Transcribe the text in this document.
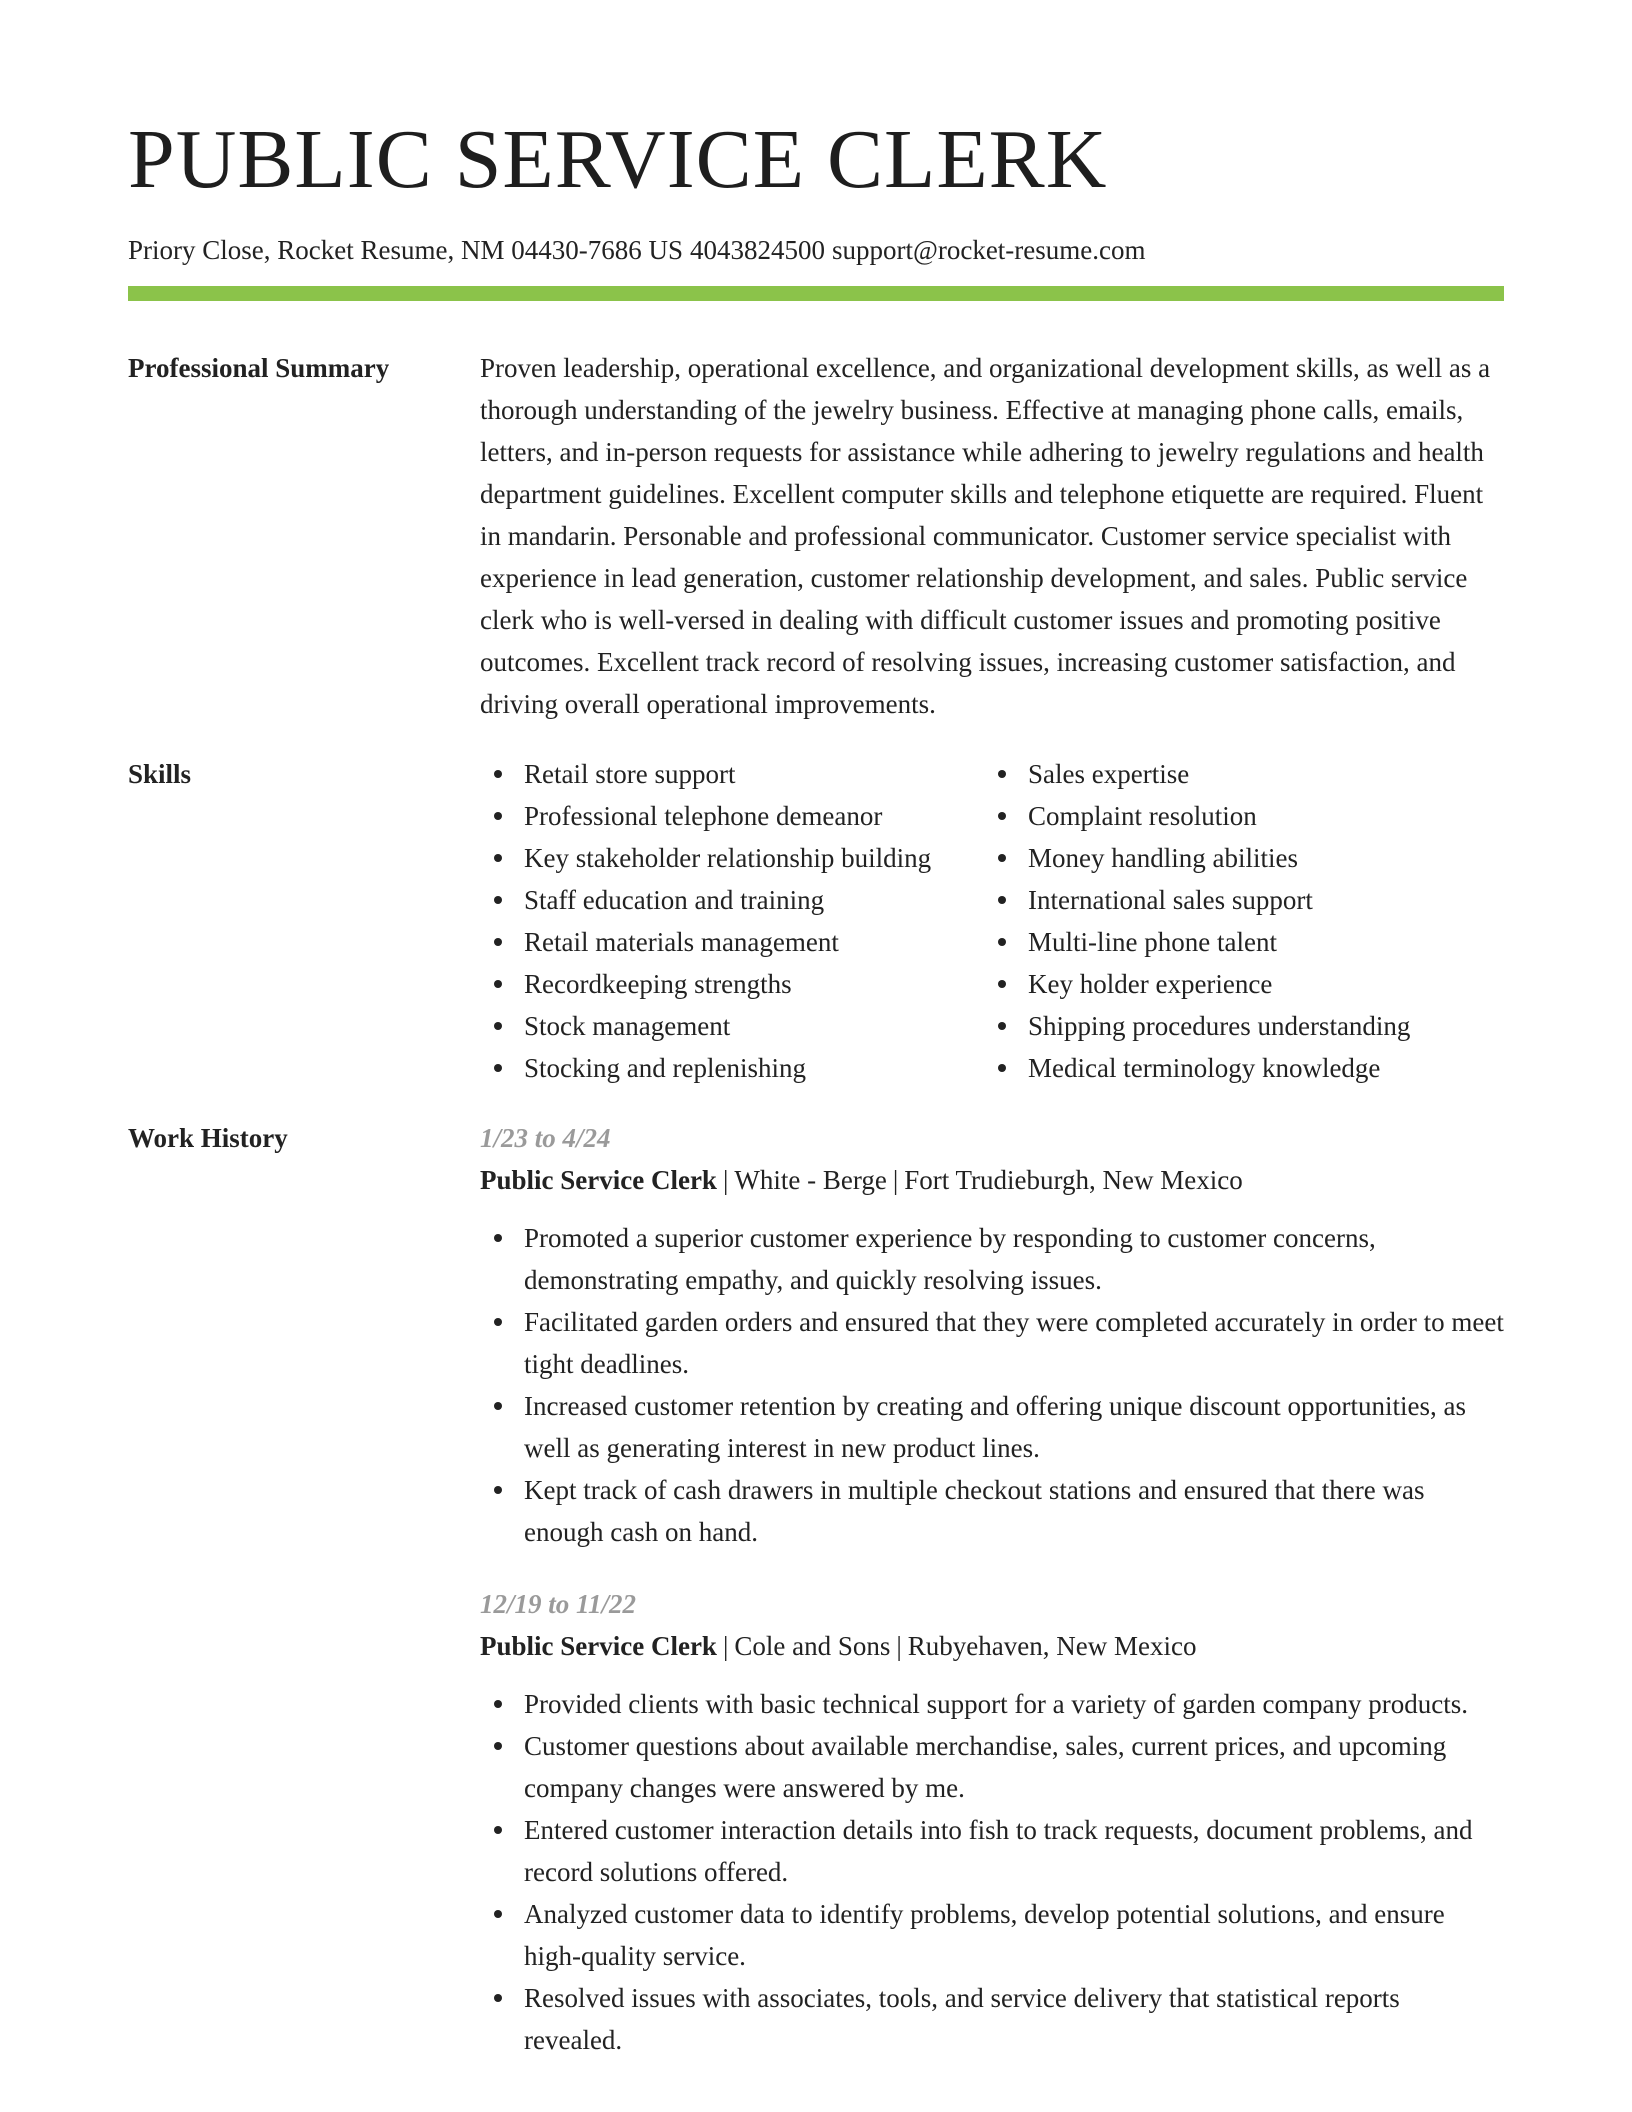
PUBLIC SERVICE CLERK
Priory Close, Rocket Resume, NM 04430-7686 US 4043824500 support@rocket-resume.com
Professional Summary	Proven leadership, operational excellence, and organizational development skills, as well as a thorough understanding of the jewelry business. Effective at managing phone calls, emails, letters, and in-person requests for assistance while adhering to jewelry regulations and health department guidelines. Excellent computer skills and telephone etiquette are required. Fluent in mandarin. Personable and professional communicator. Customer service specialist with experience in lead generation, customer relationship development, and sales. Public service clerk who is well-versed in dealing with difficult customer issues and promoting positive outcomes. Excellent track record of resolving issues, increasing customer satisfaction, and driving overall operational improvements.

Skills	Retail store support
Professional telephone demeanor
Key stakeholder relationship building
Staff education and training
Retail materials management
Recordkeeping strengths
Stock management
Stocking and replenishing
Sales expertise
Complaint resolution
Money handling abilities
International sales support
Multi-line phone talent
Key holder experience
Shipping procedures understanding
Medical terminology knowledge
Work History	1/23 to 4/24
Public Service Clerk | White - Berge | Fort Trudieburgh, New Mexico
Promoted a superior customer experience by responding to customer concerns, demonstrating empathy, and quickly resolving issues.
Facilitated garden orders and ensured that they were completed accurately in order to meet tight deadlines.
Increased customer retention by creating and offering unique discount opportunities, as well as generating interest in new product lines.
Kept track of cash drawers in multiple checkout stations and ensured that there was enough cash on hand.
12/19 to 11/22
Public Service Clerk | Cole and Sons | Rubyehaven, New Mexico
Provided clients with basic technical support for a variety of garden company products.
Customer questions about available merchandise, sales, current prices, and upcoming company changes were answered by me.
Entered customer interaction details into fish to track requests, document problems, and record solutions offered.
Analyzed customer data to identify problems, develop potential solutions, and ensure high-quality service.
Resolved issues with associates, tools, and service delivery that statistical reports revealed.
